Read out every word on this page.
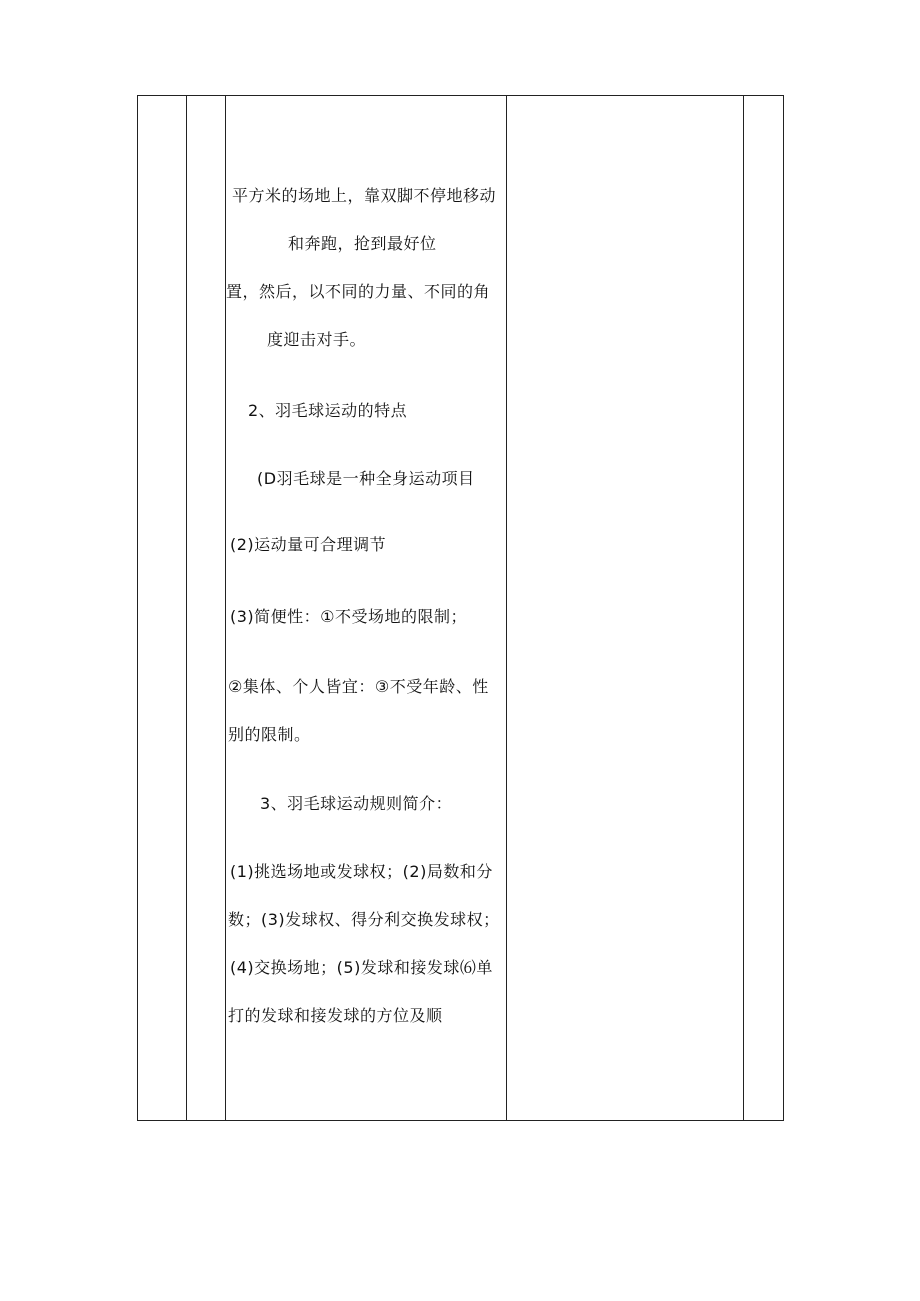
平方米的场地上，靠双脚不停地移动
和奔跑，抢到最好位
置，然后，以不同的力量、不同的角
度迎击对手。
2、羽毛球运动的特点
(D羽毛球是一种全身运动项目
(2)运动量可合理调节
(3)简便性：①不受场地的限制；
②集体、个人皆宜：③不受年龄、性
别的限制。
3、羽毛球运动规则简介：
(1)挑选场地或发球权；(2)局数和分
数；(3)发球权、得分利交换发球权；
(4)交换场地；(5)发球和接发球⑹单
打的发球和接发球的方位及顺
